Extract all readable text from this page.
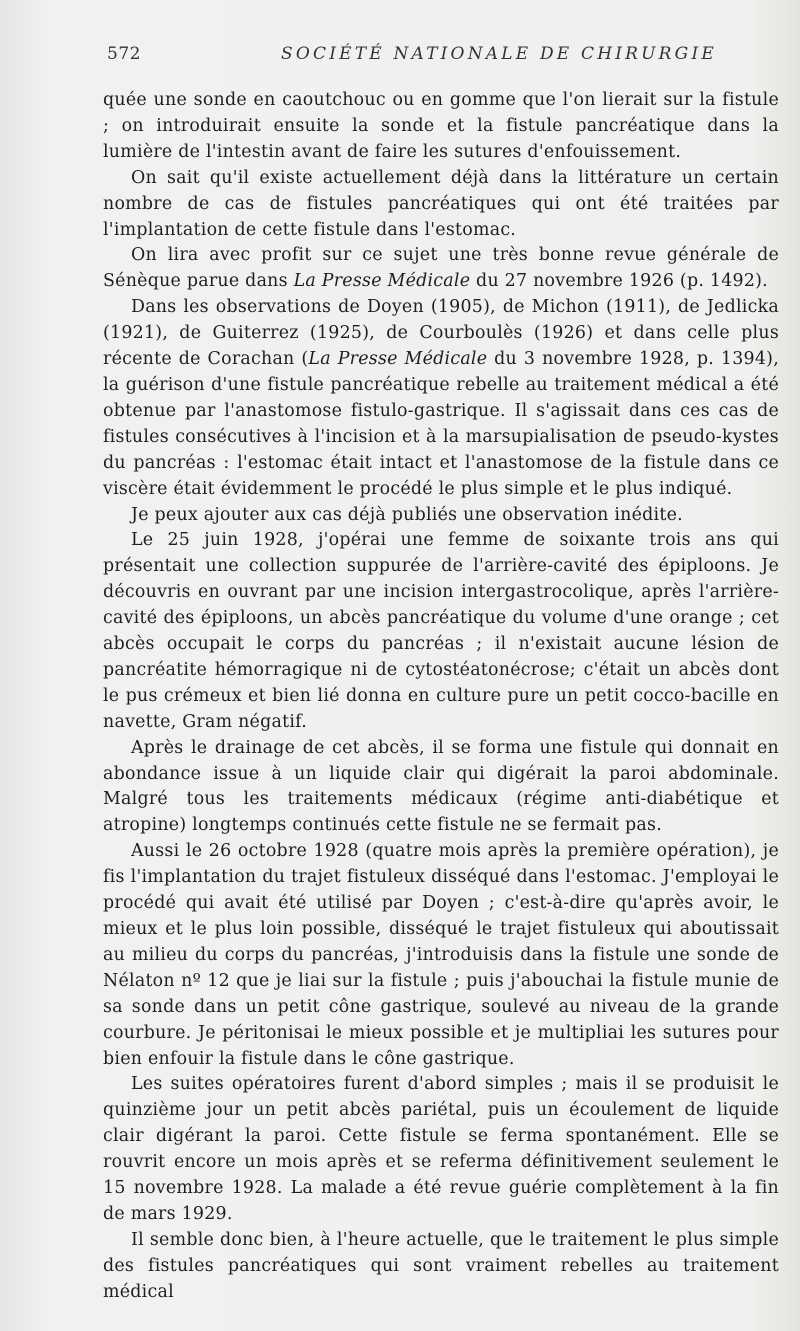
572	SOCIÉTÉ NATIONALE DE CHIRURGIE

quée une sonde en caoutchouc ou en gomme que l'on lierait sur la fistule ; on introduirait ensuite la sonde et la fistule pancréatique dans la lumière de l'intestin avant de faire les sutures d'enfouissement.

On sait qu'il existe actuellement déjà dans la littérature un certain nombre de cas de fistules pancréatiques qui ont été traitées par l'implantation de cette fistule dans l'estomac.

On lira avec profit sur ce sujet une très bonne revue générale de Sénèque parue dans La Presse Médicale du 27 novembre 1926 (p. 1492).

Dans les observations de Doyen (1905), de Michon (1911), de Jedlicka (1921), de Guiterrez (1925), de Courboulès (1926) et dans celle plus récente de Corachan (La Presse Médicale du 3 novembre 1928, p. 1394), la guérison d'une fistule pancréatique rebelle au traitement médical a été obtenue par l'anastomose fistulo-gastrique. Il s'agissait dans ces cas de fistules consécutives à l'incision et à la marsupialisation de pseudo-kystes du pancréas : l'estomac était intact et l'anastomose de la fistule dans ce viscère était évidemment le procédé le plus simple et le plus indiqué.

Je peux ajouter aux cas déjà publiés une observation inédite.

Le 25 juin 1928, j'opérai une femme de soixante trois ans qui présentait une collection suppurée de l'arrière-cavité des épiploons. Je découvris en ouvrant par une incision intergastrocolique, après l'arrière-cavité des épiploons, un abcès pancréatique du volume d'une orange ; cet abcès occupait le corps du pancréas ; il n'existait aucune lésion de pancréatite hémorragique ni de cytostéatonécrose; c'était un abcès dont le pus crémeux et bien lié donna en culture pure un petit cocco-bacille en navette, Gram négatif.

Après le drainage de cet abcès, il se forma une fistule qui donnait en abondance issue à un liquide clair qui digérait la paroi abdominale. Malgré tous les traitements médicaux (régime anti-diabétique et atropine) longtemps continués cette fistule ne se fermait pas.

Aussi le 26 octobre 1928 (quatre mois après la première opération), je fis l'implantation du trajet fistuleux disséqué dans l'estomac. J'employai le procédé qui avait été utilisé par Doyen ; c'est-à-dire qu'après avoir, le mieux et le plus loin possible, disséqué le trajet fistuleux qui aboutissait au milieu du corps du pancréas, j'introduisis dans la fistule une sonde de Nélaton nº 12 que je liai sur la fistule ; puis j'abouchai la fistule munie de sa sonde dans un petit cône gastrique, soulevé au niveau de la grande courbure. Je péritonisai le mieux possible et je multipliai les sutures pour bien enfouir la fistule dans le cône gastrique.

Les suites opératoires furent d'abord simples ; mais il se produisit le quinzième jour un petit abcès pariétal, puis un écoulement de liquide clair digérant la paroi. Cette fistule se ferma spontanément. Elle se rouvrit encore un mois après et se referma définitivement seulement le 15 novembre 1928. La malade a été revue guérie complètement à la fin de mars 1929.

Il semble donc bien, à l'heure actuelle, que le traitement le plus simple des fistules pancréatiques qui sont vraiment rebelles au traitement médical
